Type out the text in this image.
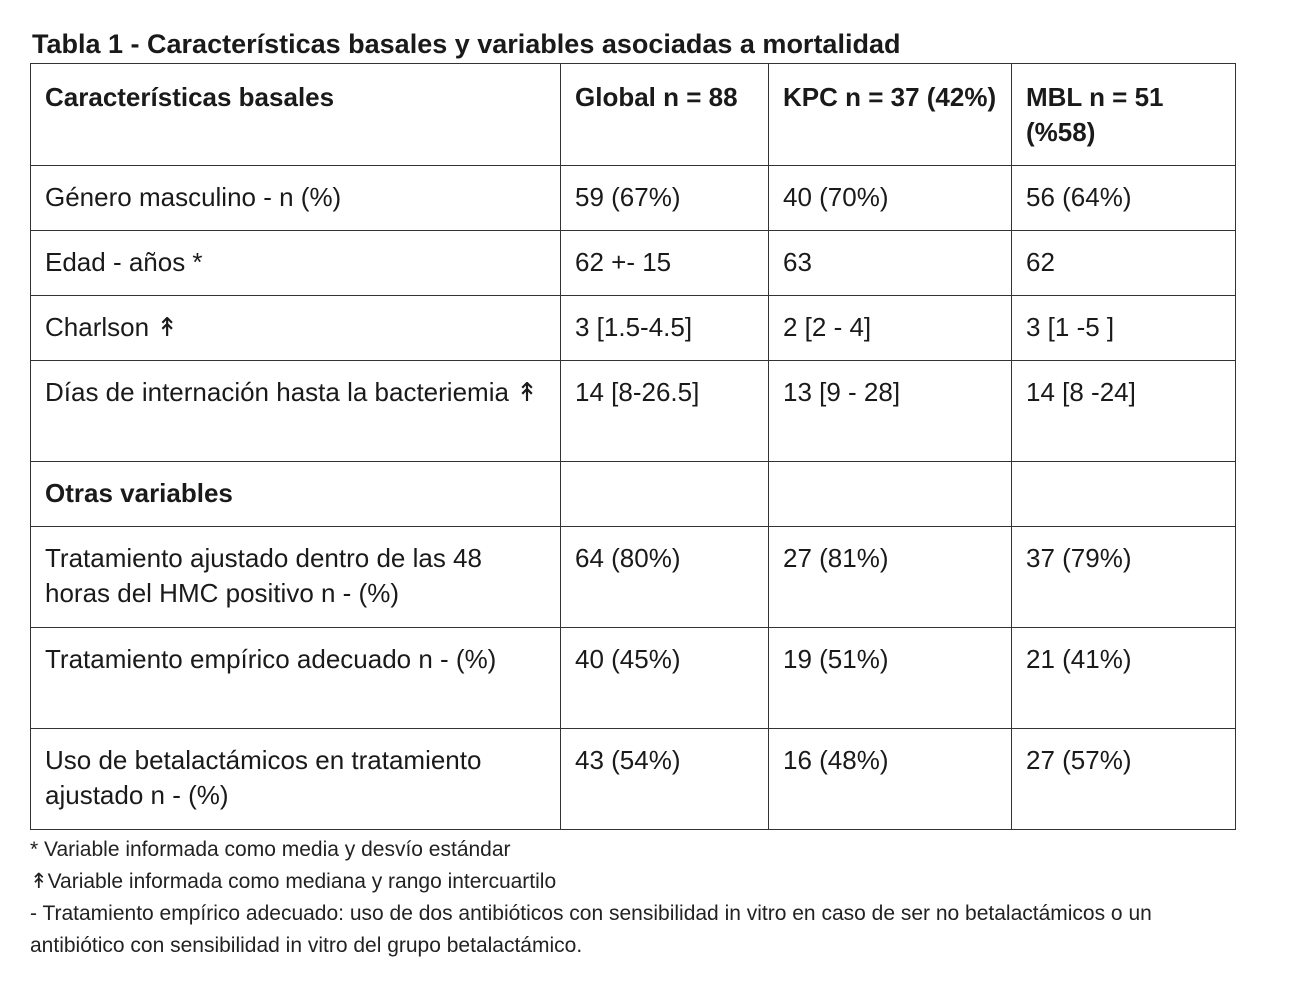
Tabla 1 - Características basales y variables asociadas a mortalidad
Características basales	Global n = 88	KPC n = 37 (42%)	MBL n = 51 (%58)
Género masculino - n (%)	59 (67%)	40 (70%)	56 (64%)
Edad - años *	62 +- 15	63	62
Charlson ↟	3 [1.5-4.5]	2 [2 - 4]	3 [1 -5 ]
Días de internación hasta la bacteriemia ↟	14 [8-26.5]	13 [9 - 28]	14 [8 -24]
Otras variables			
Tratamiento ajustado dentro de las 48 horas del HMC positivo n - (%)	64 (80%)	27 (81%)	37 (79%)
Tratamiento empírico adecuado n - (%)	40 (45%)	19 (51%)	21 (41%)
Uso de betalactámicos en tratamiento ajustado n - (%)	43 (54%)	16 (48%)	27 (57%)

* Variable informada como media y desvío estándar

↟Variable informada como mediana y rango intercuartilo

- Tratamiento empírico adecuado: uso de dos antibióticos con sensibilidad in vitro en caso de ser no betalactámicos o un antibiótico con sensibilidad in vitro del grupo betalactámico.
